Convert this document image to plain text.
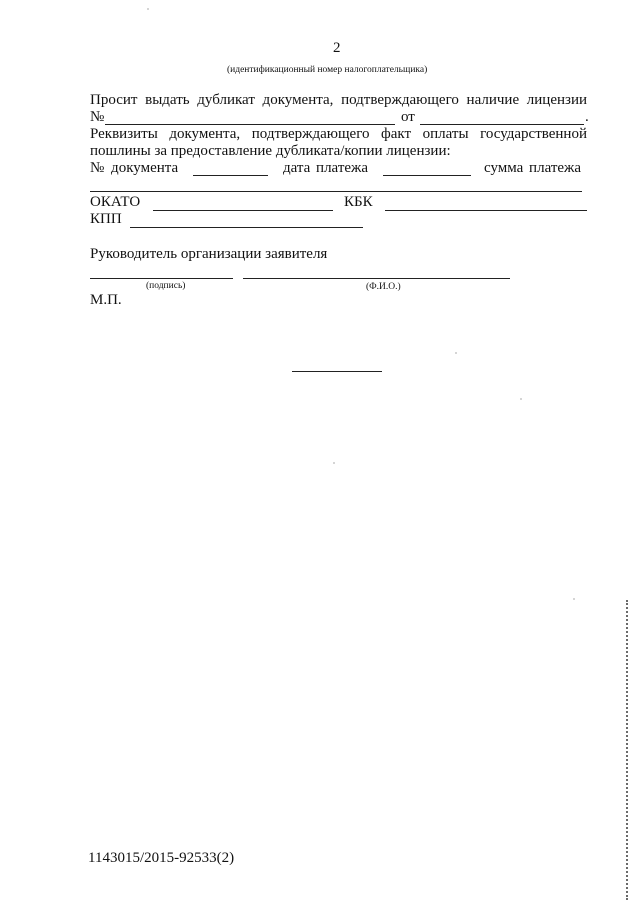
2
(идентификационный номер налогоплательщика)
Просит выдать дубликат документа, подтверждающего наличие лицензии
№	от	.
Реквизиты документа, подтверждающего факт оплаты государственной
пошлины за предоставление дубликата/копии лицензии:
№ документа	дата платежа	сумма платежа
ОКАТО	КБК
КПП
Руководитель организации заявителя
(подпись)	(Ф.И.О.)
М.П.
1143015/2015-92533(2)
